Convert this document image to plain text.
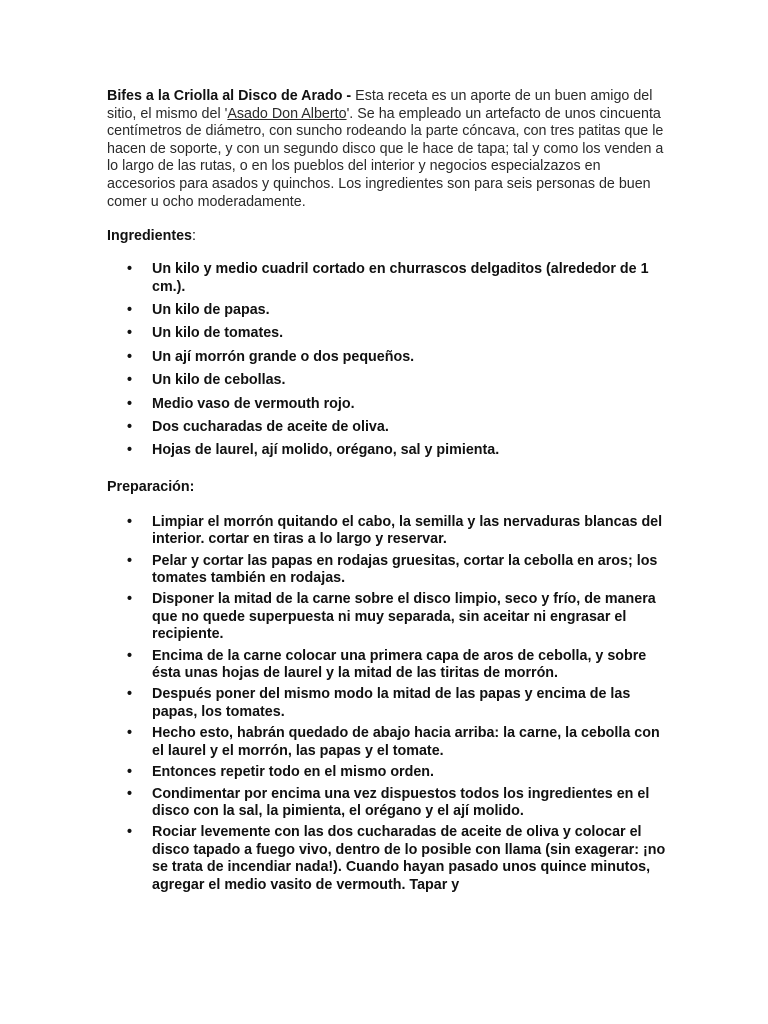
Bifes a la Criolla al Disco de Arado - Esta receta es un aporte de un buen amigo del sitio, el mismo del 'Asado Don Alberto'. Se ha empleado un artefacto de unos cincuenta centímetros de diámetro, con suncho rodeando la parte cóncava, con tres patitas que le hacen de soporte, y con un segundo disco que le hace de tapa; tal y como los venden a lo largo de las rutas, o en los pueblos del interior y negocios especialzazos en accesorios para asados y quinchos. Los ingredientes son para seis personas de buen comer u ocho moderadamente.

Ingredientes:

• Un kilo y medio cuadril cortado en churrascos delgaditos (alrededor de 1 cm.).
• Un kilo de papas.
• Un kilo de tomates.
• Un ají morrón grande o dos pequeños.
• Un kilo de cebollas.
• Medio vaso de vermouth rojo.
• Dos cucharadas de aceite de oliva.
• Hojas de laurel, ají molido, orégano, sal y pimienta.

Preparación:

• Limpiar el morrón quitando el cabo, la semilla y las nervaduras blancas del interior. cortar en tiras a lo largo y reservar.
• Pelar y cortar las papas en rodajas gruesitas, cortar la cebolla en aros; los tomates también en rodajas.
• Disponer la mitad de la carne sobre el disco limpio, seco y frío, de manera que no quede superpuesta ni muy separada, sin aceitar ni engrasar el recipiente.
• Encima de la carne colocar una primera capa de aros de cebolla, y sobre ésta unas hojas de laurel y la mitad de las tiritas de morrón.
• Después poner del mismo modo la mitad de las papas y encima de las papas, los tomates.
• Hecho esto, habrán quedado de abajo hacia arriba: la carne, la cebolla con el laurel y el morrón, las papas y el tomate.
• Entonces repetir todo en el mismo orden.
• Condimentar por encima una vez dispuestos todos los ingredientes en el disco con la sal, la pimienta, el orégano y el ají molido.
• Rociar levemente con las dos cucharadas de aceite de oliva y colocar el disco tapado a fuego vivo, dentro de lo posible con llama (sin exagerar: ¡no se trata de incendiar nada!). Cuando hayan pasado unos quince minutos, agregar el medio vasito de vermouth. Tapar y
